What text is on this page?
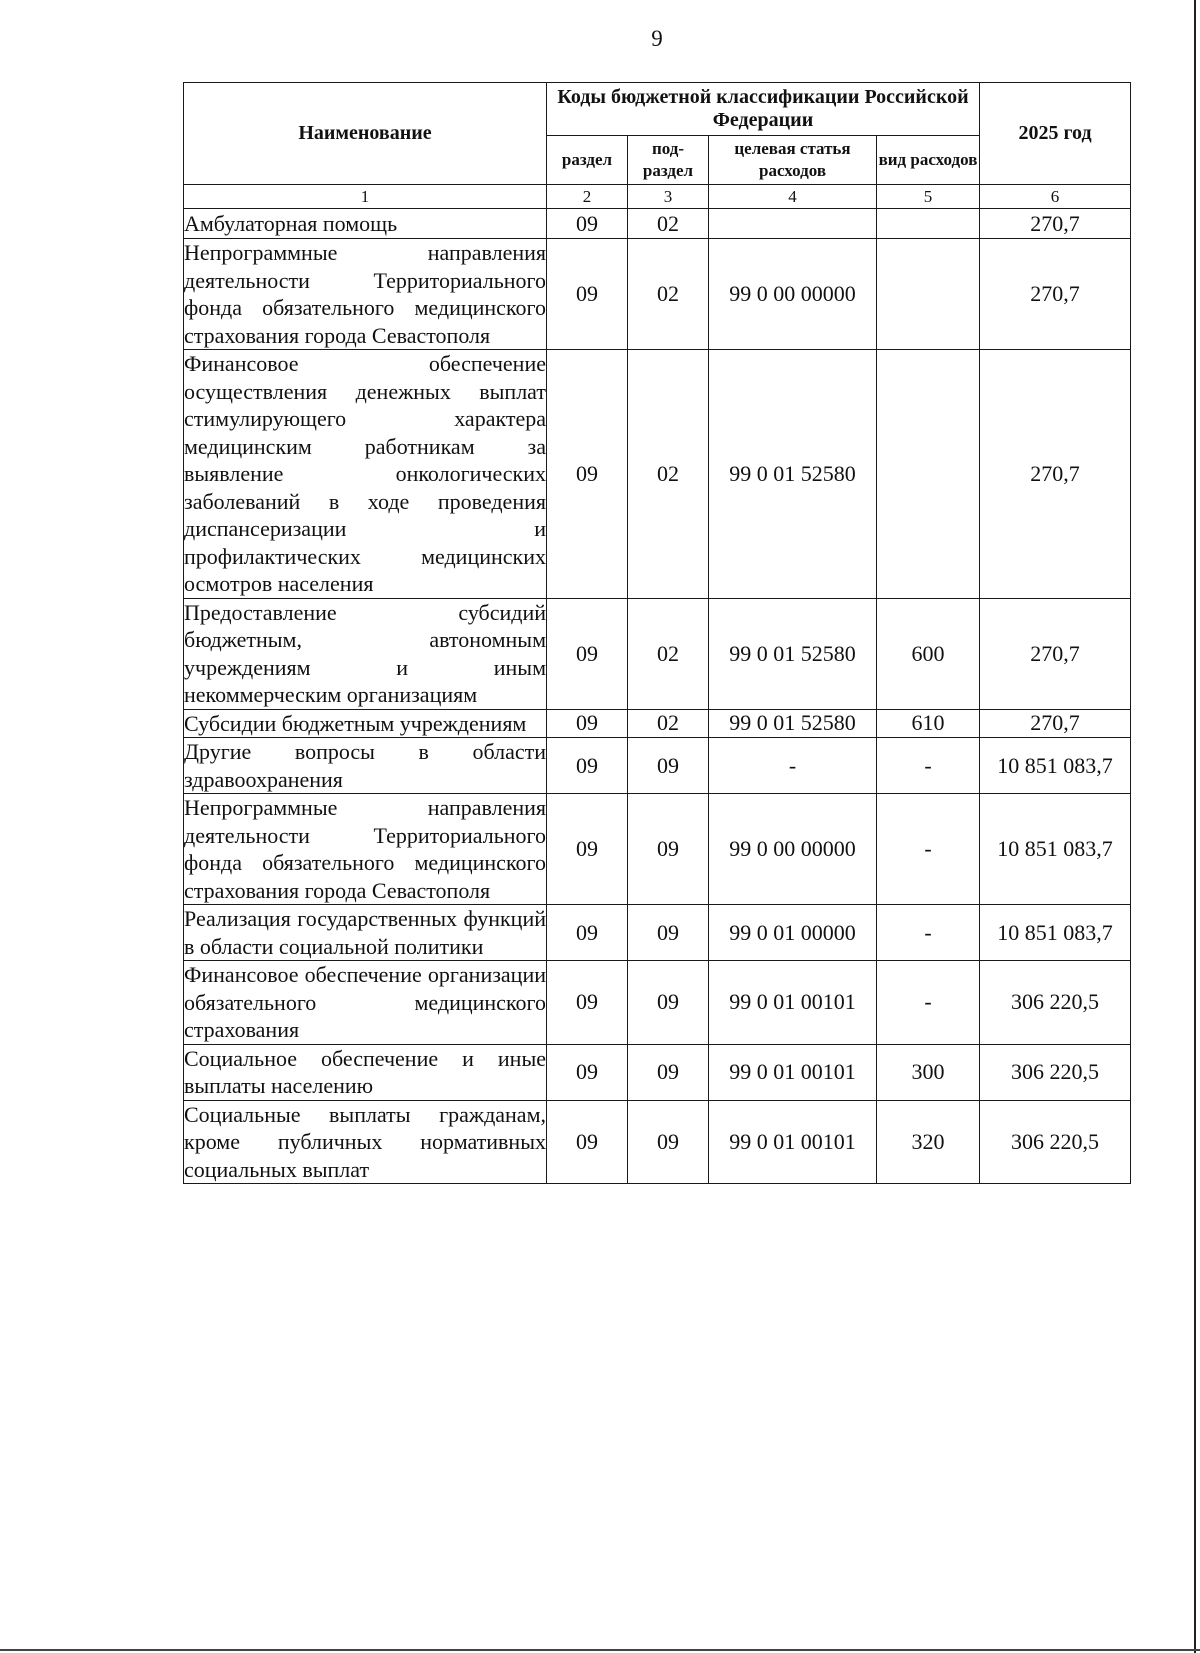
9
Наименование	Коды бюджетной классификации Российской Федерации				2025 год
	раздел	под-раздел	целевая статья расходов	вид расходов	
1	2	3	4	5	6
Амбулаторная помощь	09	02			270,7
Непрограммные направления деятельности Территориального фонда обязательного медицинского страхования города Севастополя	09	02	99 0 00 00000		270,7
Финансовое обеспечение осуществления денежных выплат стимулирующего характера медицинским работникам за выявление онкологических заболеваний в ходе проведения диспансеризации и профилактических медицинских осмотров населения	09	02	99 0 01 52580		270,7
Предоставление субсидий бюджетным, автономным учреждениям и иным некоммерческим организациям	09	02	99 0 01 52580	600	270,7
Субсидии бюджетным учреждениям	09	02	99 0 01 52580	610	270,7
Другие вопросы в области здравоохранения	09	09	-	-	10 851 083,7
Непрограммные направления деятельности Территориального фонда обязательного медицинского страхования города Севастополя	09	09	99 0 00 00000	-	10 851 083,7
Реализация государственных функций в области социальной политики	09	09	99 0 01 00000	-	10 851 083,7
Финансовое обеспечение организации обязательного медицинского страхования	09	09	99 0 01 00101	-	306 220,5
Социальное обеспечение и иные выплаты населению	09	09	99 0 01 00101	300	306 220,5
Социальные выплаты гражданам, кроме публичных нормативных социальных выплат	09	09	99 0 01 00101	320	306 220,5
